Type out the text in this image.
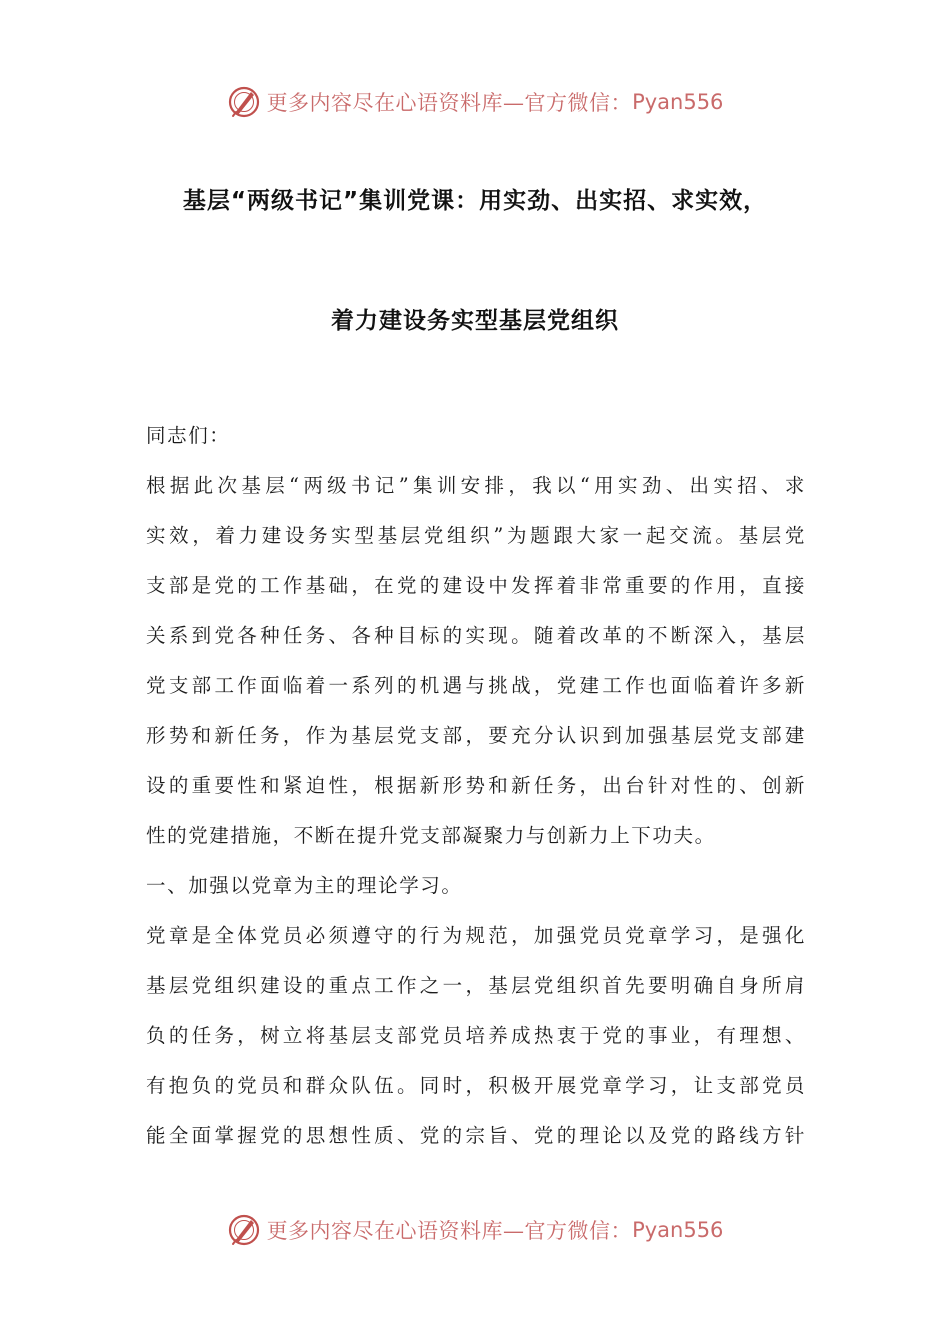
更多内容尽在心语资料库—官方微信： Pyan556
基层“两级书记”集训党课：用实劲、出实招、求实效，
着力建设务实型基层党组织
同志们：
根据此次基层“两级书记”集训安排，我以“用实劲、出实招、求
实效，着力建设务实型基层党组织”为题跟大家一起交流。基层党
支部是党的工作基础，在党的建设中发挥着非常重要的作用，直接
关系到党各种任务、各种目标的实现。随着改革的不断深入，基层
党支部工作面临着一系列的机遇与挑战，党建工作也面临着许多新
形势和新任务，作为基层党支部，要充分认识到加强基层党支部建
设的重要性和紧迫性，根据新形势和新任务，出台针对性的、创新
性的党建措施，不断在提升党支部凝聚力与创新力上下功夫。
一、加强以党章为主的理论学习。
党章是全体党员必须遵守的行为规范，加强党员党章学习，是强化
基层党组织建设的重点工作之一，基层党组织首先要明确自身所肩
负的任务，树立将基层支部党员培养成热衷于党的事业，有理想、
有抱负的党员和群众队伍。同时，积极开展党章学习，让支部党员
能全面掌握党的思想性质、党的宗旨、党的理论以及党的路线方针
更多内容尽在心语资料库—官方微信： Pyan556
